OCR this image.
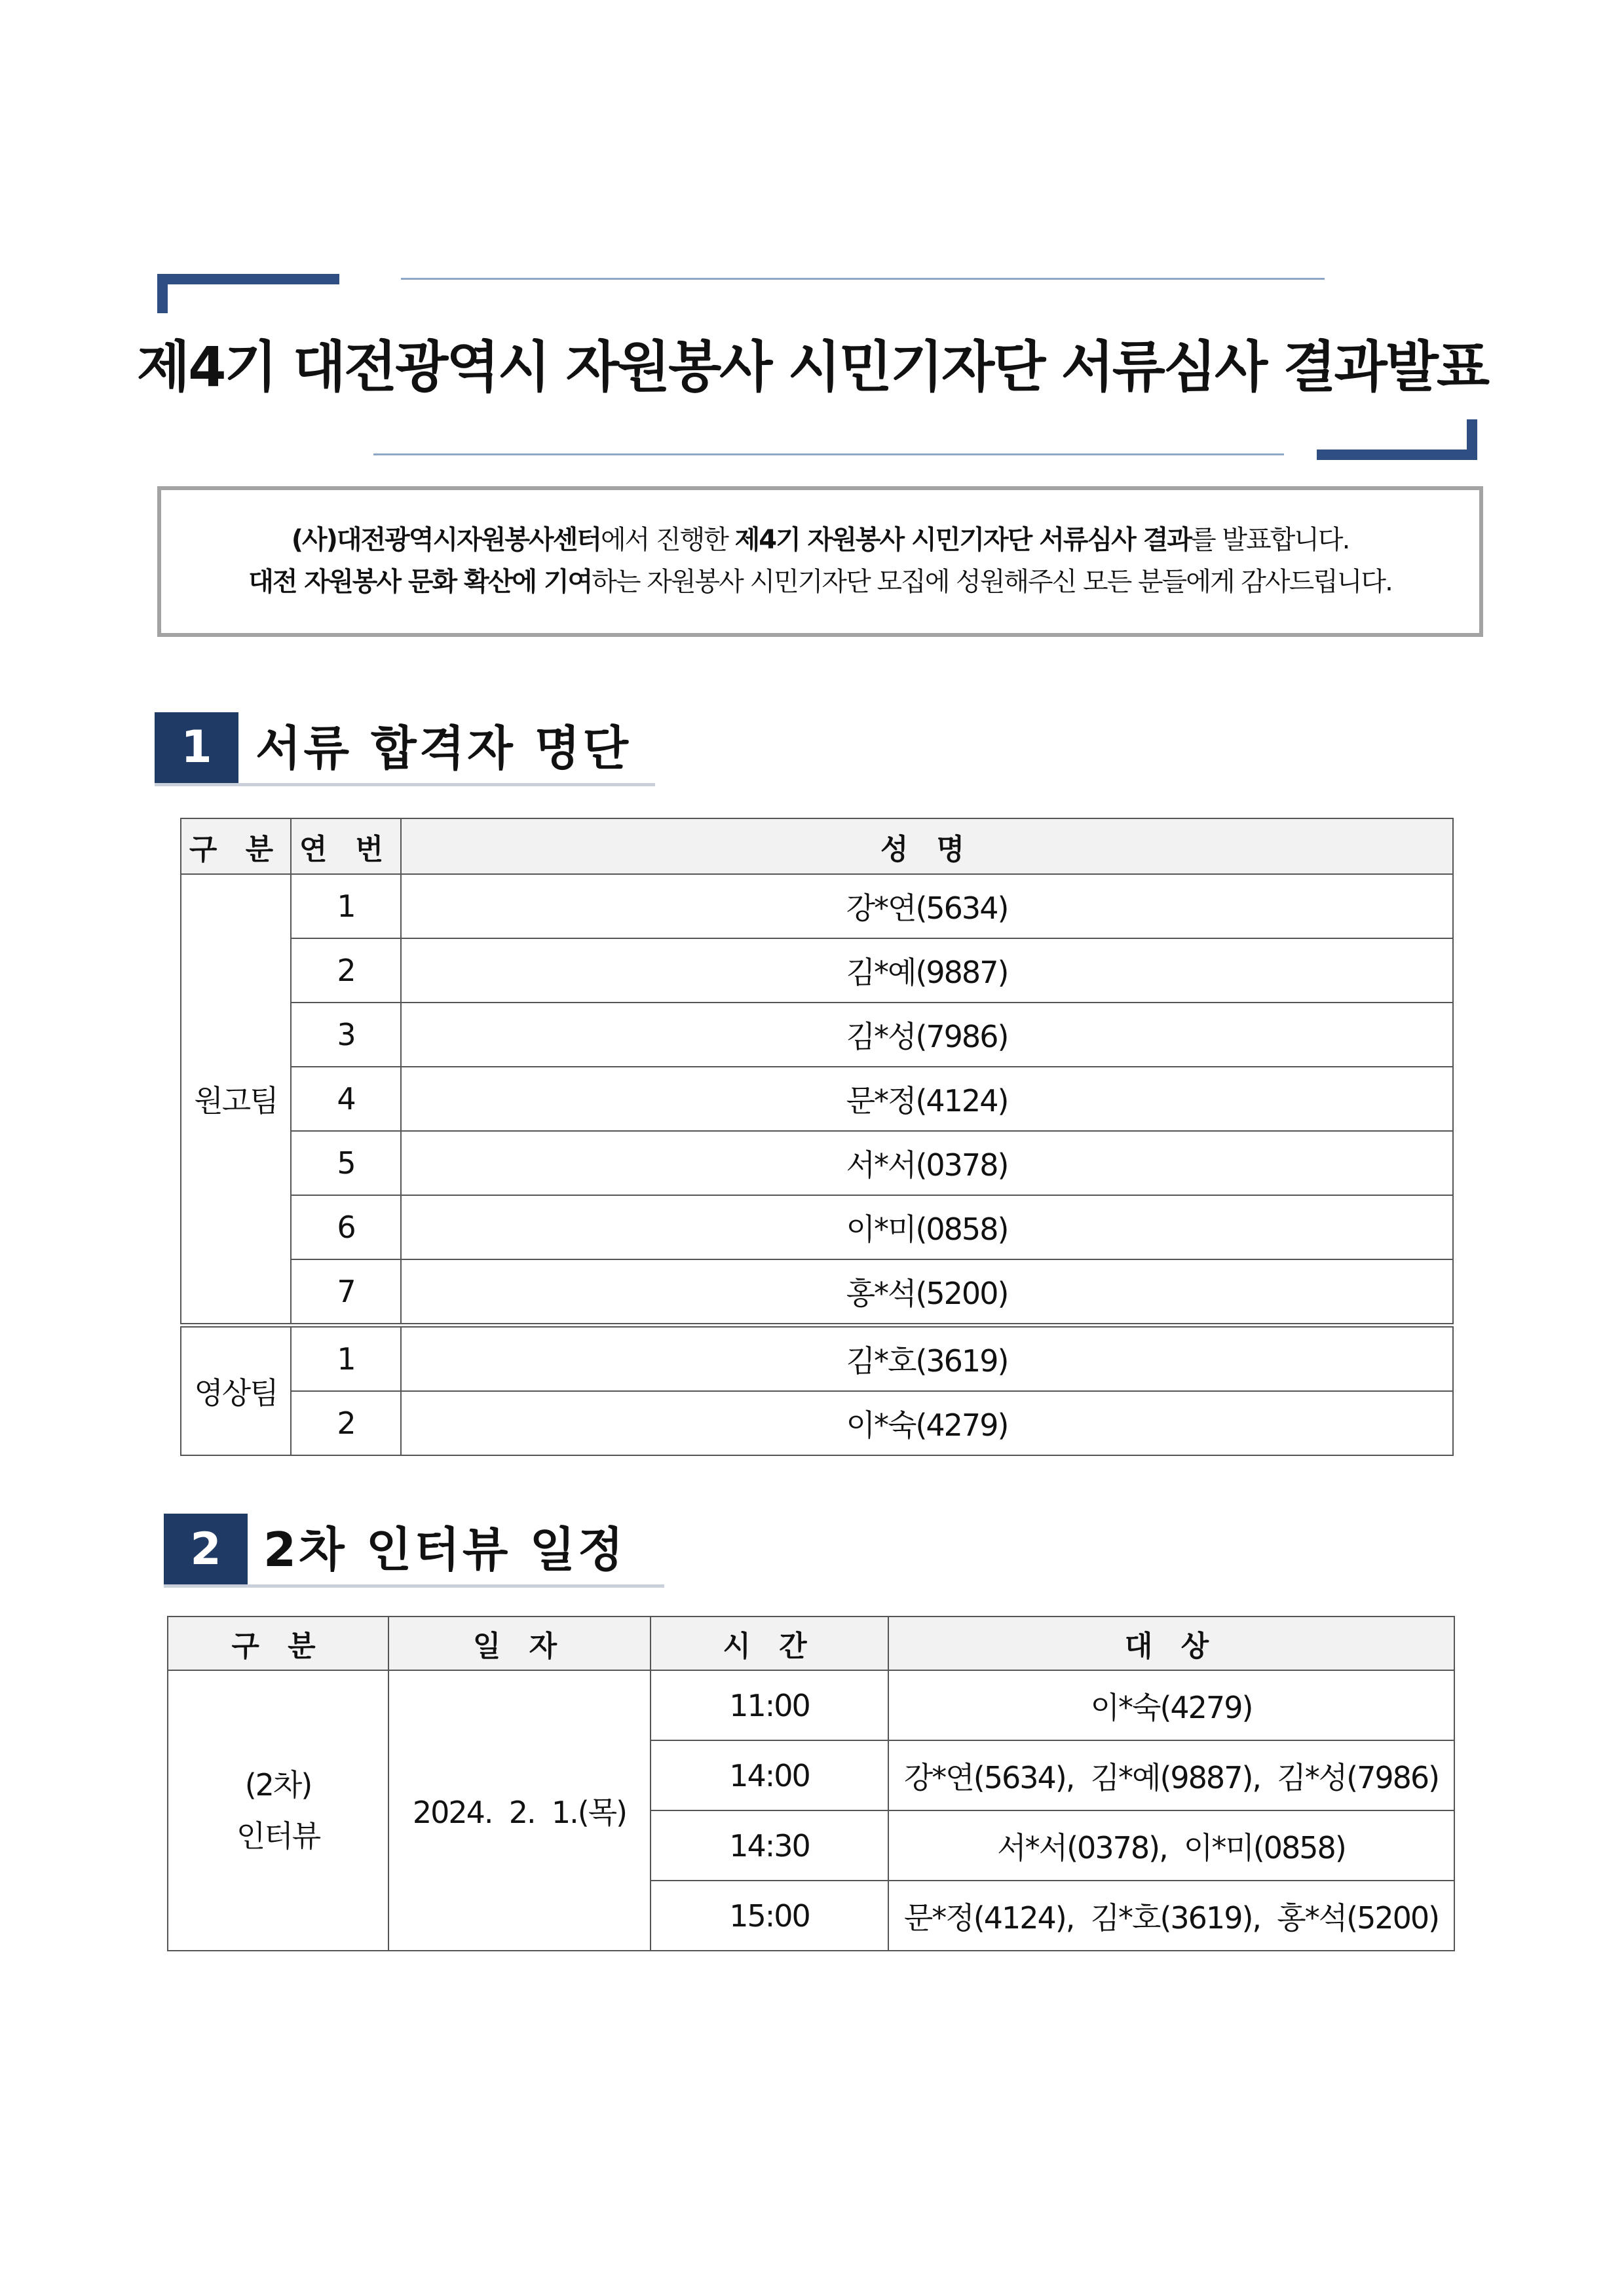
제4기 대전광역시 자원봉사 시민기자단 서류심사 결과발표

(사)대전광역시자원봉사센터에서 진행한 제4기 자원봉사 시민기자단 서류심사 결과를 발표합니다.

대전 자원봉사 문화 확산에 기여하는 자원봉사 시민기자단 모집에 성원해주신 모든 분들에게 감사드립니다.

1 서류 합격자 명단
구 분	연 번	성 명
원고팀	1	강*연(5634)
	2	김*예(9887)
	3	김*성(7986)
	4	문*정(4124)
	5	서*서(0378)
	6	이*미(0858)
	7	홍*석(5200)
영상팀	1	김*호(3619)
	2	이*숙(4279)
2 2차 인터뷰 일정
구 분	일 자	시 간	대 상

(2차)
인터뷰	2024.  2.  1.(목)	11:00	이*숙(4279)
		14:00	강*연(5634),  김*예(9887),  김*성(7986)
		14:30	서*서(0378),  이*미(0858)
		15:00	문*정(4124),  김*호(3619),  홍*석(5200)
